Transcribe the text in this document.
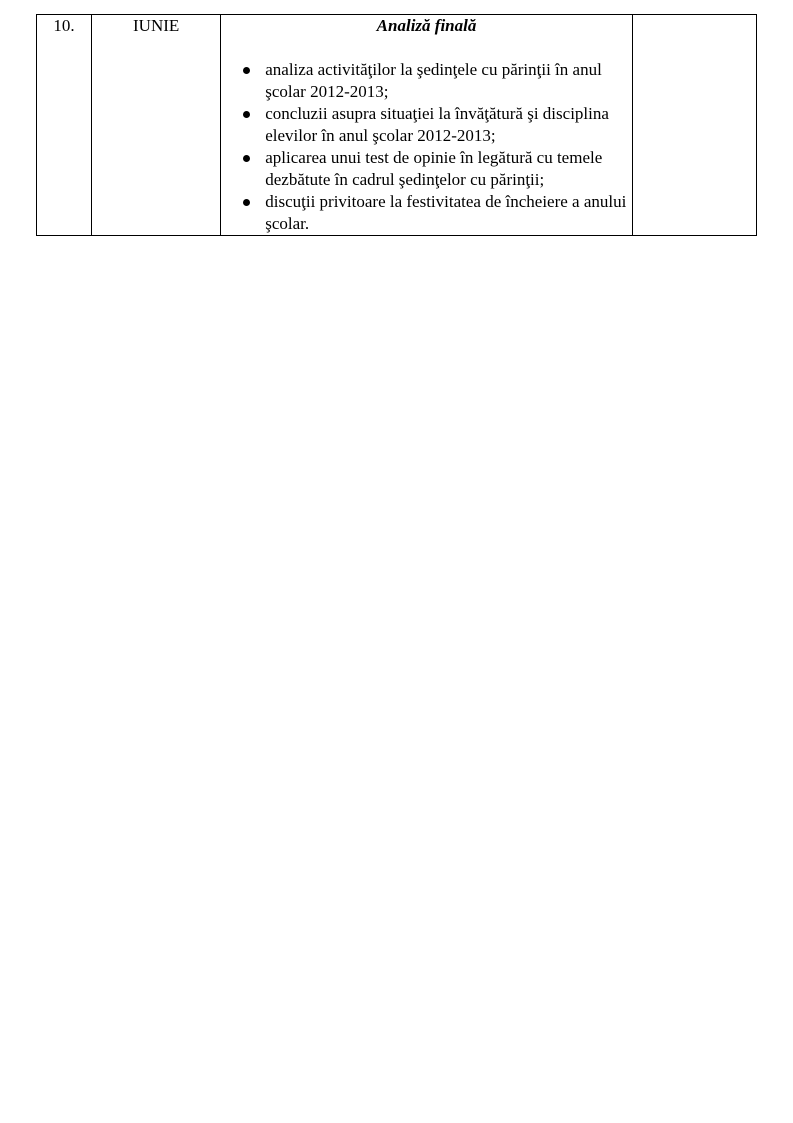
10.	IUNIE	Analiză finală

analiza activităţilor la şedinţele cu părinţii în anul şcolar 2012-2013;
concluzii asupra situaţiei la învăţătură şi disciplina elevilor în anul şcolar 2012-2013;
aplicarea unui test de opinie în legătură cu temele dezbătute în cadrul şedinţelor cu părinţii;
discuţii privitoare la festivitatea de încheiere a anului şcolar.
